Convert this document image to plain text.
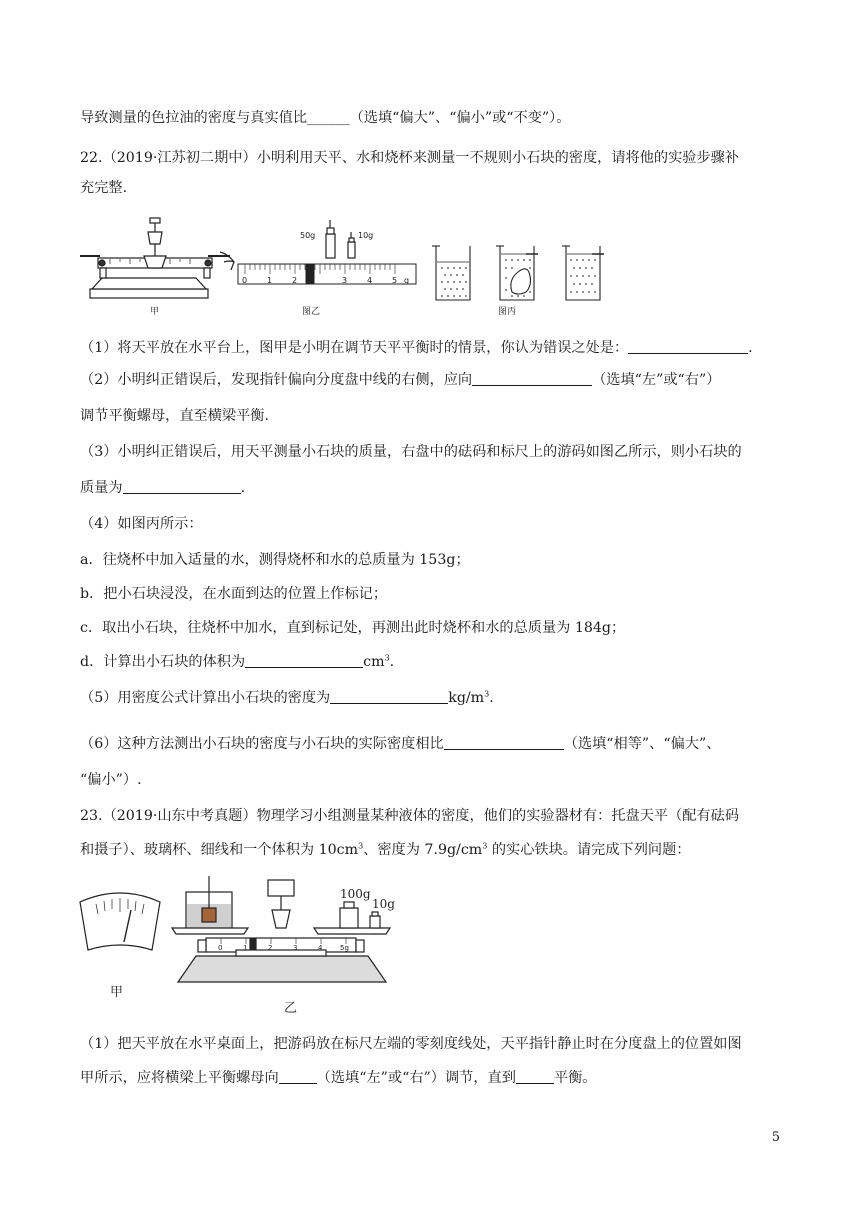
导致测量的色拉油的密度与真实值比______（选填“偏大”、“偏小”或“不变”）。
22.（2019·江苏初二期中）小明利用天平、水和烧杯来测量一不规则小石块的密度，请将他的实验步骤补
充完整.
甲
50g	10g
0 1 2	3 4 5 g
图乙	图丙
（1）将天平放在水平台上，图甲是小明在调节天平平衡时的情景，你认为错误之处是：	.
（2）小明纠正错误后，发现指针偏向分度盘中线的右侧，应向	（选填“左”或“右”）
调节平衡螺母，直至横梁平衡.
（3）小明纠正错误后，用天平测量小石块的质量，右盘中的砝码和标尺上的游码如图乙所示，则小石块的
质量为	.
（4）如图丙所示：
a．往烧杯中加入适量的水，测得烧杯和水的总质量为 153g；
b．把小石块浸没，在水面到达的位置上作标记；
c．取出小石块，往烧杯中加水，直到标记处，再测出此时烧杯和水的总质量为 184g；
d．计算出小石块的体积为	$cm^3$.
（5）用密度公式计算出小石块的密度为	$kg/m^3$.
（6）这种方法测出小石块的密度与小石块的实际密度相比	（选填“相等”、“偏大”、
“偏小”）.
23.（2019·山东中考真题）物理学习小组测量某种液体的密度，他们的实验器材有：托盘天平（配有砝码
和摄子）、玻璃杯、细线和一个体积为 $10cm^3$、密度为 $7.9g/cm^3$ 的实心铁块。请完成下列问题：
甲
100g
10g
0	1	2	3	4	5g
乙
（1）把天平放在水平桌面上，把游码放在标尺左端的零刻度线处，天平指针静止时在分度盘上的位置如图
甲所示，应将横梁上平衡螺母向	（选填“左”或“右”）调节，直到	平衡。
5
